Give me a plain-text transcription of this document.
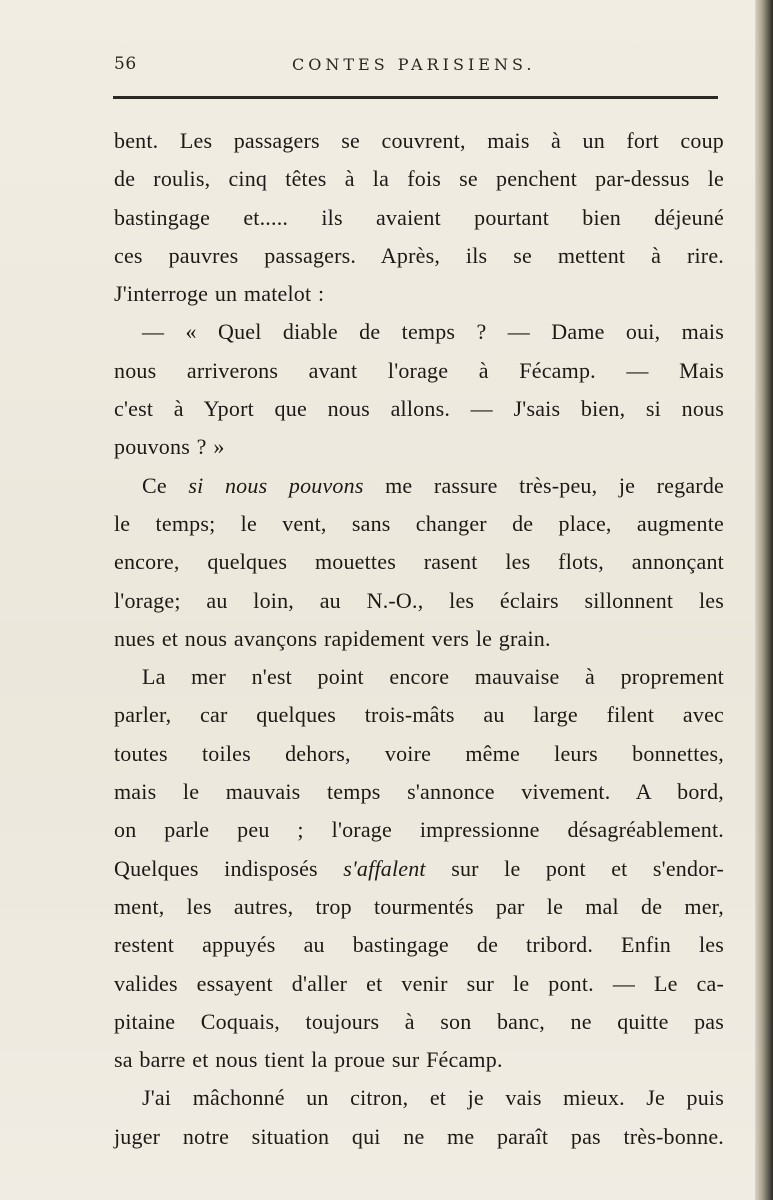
56	CONTES PARISIENS.
bent. Les passagers se couvrent, mais à un fort coup
de roulis, cinq têtes à la fois se penchent par-dessus le
bastingage et..... ils avaient pourtant bien déjeuné
ces pauvres passagers. Après, ils se mettent à rire.
J'interroge un matelot :
— « Quel diable de temps ? — Dame oui, mais
nous arriverons avant l'orage à Fécamp. — Mais
c'est à Yport que nous allons. — J'sais bien, si nous
pouvons ? »
Ce si nous pouvons me rassure très-peu, je regarde
le temps; le vent, sans changer de place, augmente
encore, quelques mouettes rasent les flots, annonçant
l'orage; au loin, au N.-O., les éclairs sillonnent les
nues et nous avançons rapidement vers le grain.
La mer n'est point encore mauvaise à proprement
parler, car quelques trois-mâts au large filent avec
toutes toiles dehors, voire même leurs bonnettes,
mais le mauvais temps s'annonce vivement. A bord,
on parle peu ; l'orage impressionne désagréablement.
Quelques indisposés s'affalent sur le pont et s'endor-
ment, les autres, trop tourmentés par le mal de mer,
restent appuyés au bastingage de tribord. Enfin les
valides essayent d'aller et venir sur le pont. — Le ca-
pitaine Coquais, toujours à son banc, ne quitte pas
sa barre et nous tient la proue sur Fécamp.
J'ai mâchonné un citron, et je vais mieux. Je puis
juger notre situation qui ne me paraît pas très-bonne.
